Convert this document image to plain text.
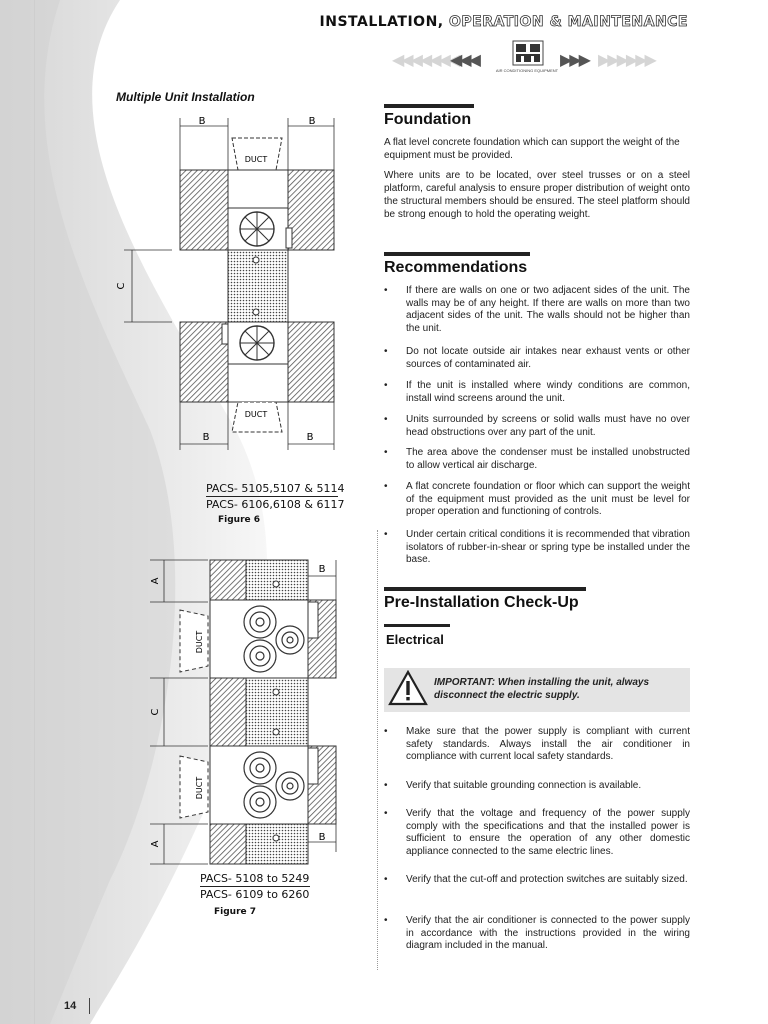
INSTALLATION, OPERATION & MAINTENANCE
◀◀◀◀◀◀◀
◀◀◀	▶▶▶ ▶▶▶▶▶▶
AIR CONDITIONING EQUIPMENT
Multiple Unit Installation
B	B
DUCT
C
DUCT
B	B
PACS- 5105,5107 & 5114
PACS- 6106,6108 & 6117
Figure 6
A
B
DUCT
C
DUCT
A
B
PACS- 5108 to 5249
PACS- 6109 to 6260
Figure 7
Foundation
A flat level concrete foundation which can support the weight of the equipment must be provided.
Where units are to be located, over steel trusses or on a steel platform, careful analysis to ensure proper distribution of weight onto the structural members should be ensured. The steel platform should be strong enough to hold the operating weight.
Recommendations
•	If there are walls on one or two adjacent sides of the unit. The walls may be of any height. If there are walls on more than two adjacent sides of the unit. The walls should not be higher than the unit.
•	Do not locate outside air intakes near exhaust vents or other sources of contaminated air.
•	If the unit is installed where windy conditions are common, install wind screens around the unit.
•	Units surrounded by screens or solid walls must have no over head obstructions over any part of the unit.
•	The area above the condenser must be installed unobstructed to allow vertical air discharge.
•	A flat concrete foundation or floor which can support the weight of the equipment must provided as the unit must be level for proper operation and functioning of controls.
•	Under certain critical conditions it is recommended that vibration isolators of rubber-in-shear or spring type be installed under the base.
Pre-Installation Check-Up
Electrical
IMPORTANT: When installing the unit, always disconnect the electric supply.
•	Make sure that the power supply is compliant with current safety standards. Always install the air conditioner in compliance with current local safety standards.
•	Verify that suitable grounding connection is available.
•	Verify that the voltage and frequency of the power supply comply with the specifications and that the installed power is sufficient to ensure the operation of any other domestic appliance connected to the same electric lines.
•	Verify that the cut-off and protection switches are suitably sized.
•	Verify that the air conditioner is connected to the power supply in accordance with the instructions provided in the wiring diagram included in the manual.
14
